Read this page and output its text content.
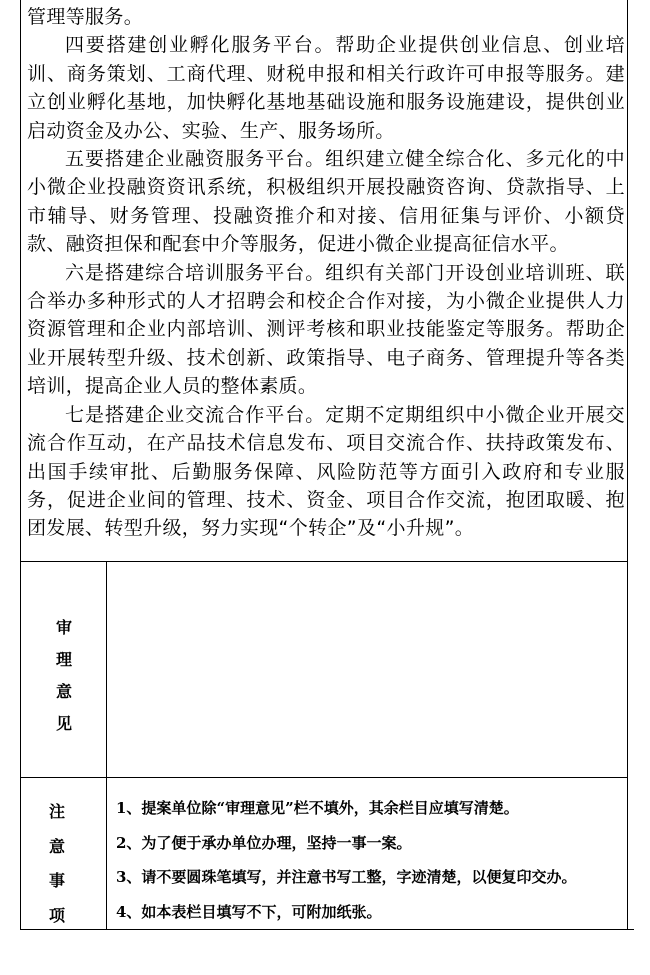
管理等服务。

四要搭建创业孵化服务平台。帮助企业提供创业信息、创业培训、商务策划、工商代理、财税申报和相关行政许可申报等服务。建立创业孵化基地，加快孵化基地基础设施和服务设施建设，提供创业启动资金及办公、实验、生产、服务场所。

五要搭建企业融资服务平台。组织建立健全综合化、多元化的中小微企业投融资资讯系统，积极组织开展投融资咨询、贷款指导、上市辅导、财务管理、投融资推介和对接、信用征集与评价、小额贷款、融资担保和配套中介等服务，促进小微企业提高征信水平。

六是搭建综合培训服务平台。组织有关部门开设创业培训班、联合举办多种形式的人才招聘会和校企合作对接，为小微企业提供人力资源管理和企业内部培训、测评考核和职业技能鉴定等服务。帮助企业开展转型升级、技术创新、政策指导、电子商务、管理提升等各类培训，提高企业人员的整体素质。

七是搭建企业交流合作平台。定期不定期组织中小微企业开展交流合作互动，在产品技术信息发布、项目交流合作、扶持政策发布、出国手续审批、后勤服务保障、风险防范等方面引入政府和专业服务，促进企业间的管理、技术、资金、项目合作交流，抱团取暖、抱团发展、转型升级，努力实现“个转企”及“小升规”。

审
理
意
见
注
意
事
项
1、提案单位除“审理意见”栏不填外，其余栏目应填写清楚。
2、为了便于承办单位办理，坚持一事一案。
3、请不要圆珠笔填写，并注意书写工整，字迹清楚，以便复印交办。
4、如本表栏目填写不下，可附加纸张。
